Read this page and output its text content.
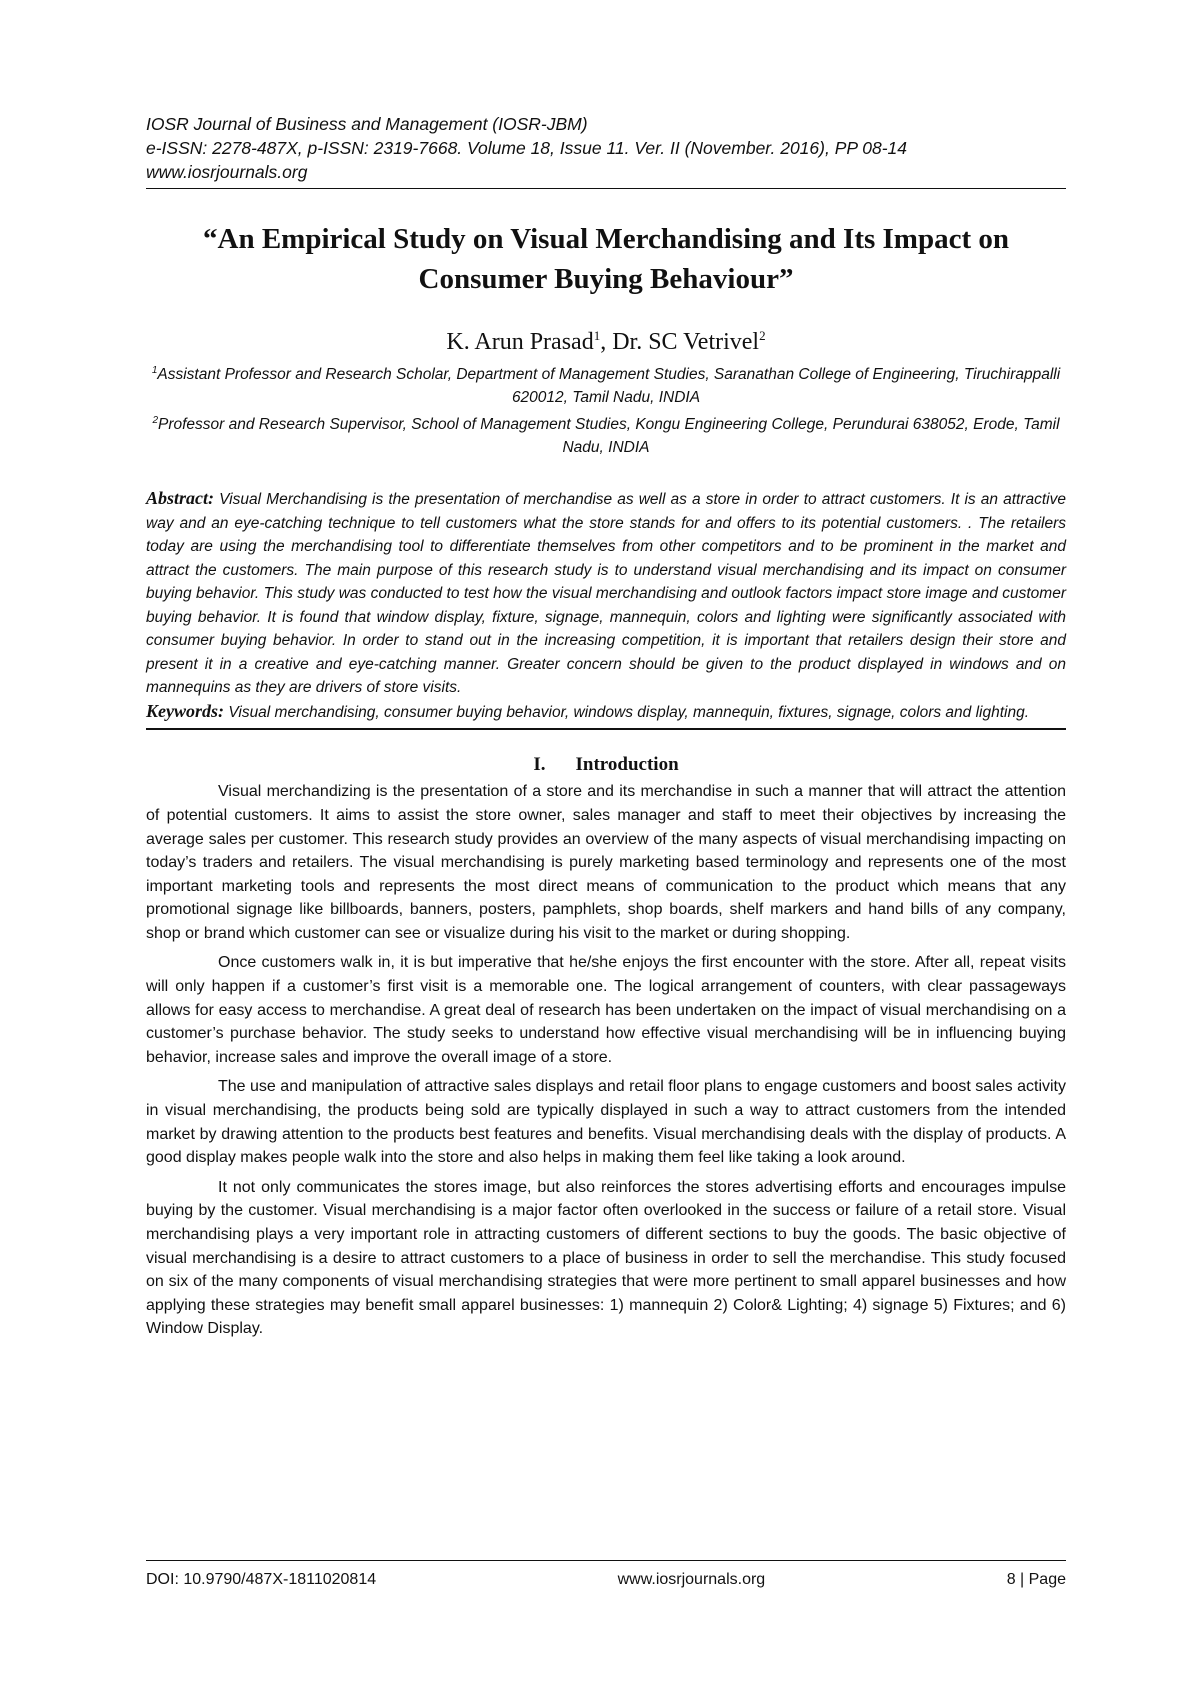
IOSR Journal of Business and Management (IOSR-JBM)

e-ISSN: 2278-487X, p-ISSN: 2319-7668. Volume 18, Issue 11. Ver. II (November. 2016), PP 08-14

www.iosrjournals.org

“An Empirical Study on Visual Merchandising and Its Impact on Consumer Buying Behaviour”
K. Arun Prasad$^1$, Dr. SC Vetrivel$^2$

$^1$Assistant Professor and Research Scholar, Department of Management Studies, Saranathan College of Engineering, Tiruchirappalli 620012, Tamil Nadu, INDIA

$^2$Professor and Research Supervisor, School of Management Studies, Kongu Engineering College, Perundurai 638052, Erode, Tamil Nadu, INDIA

Abstract: Visual Merchandising is the presentation of merchandise as well as a store in order to attract customers. It is an attractive way and an eye-catching technique to tell customers what the store stands for and offers to its potential customers. . The retailers today are using the merchandising tool to differentiate themselves from other competitors and to be prominent in the market and attract the customers. The main purpose of this research study is to understand visual merchandising and its impact on consumer buying behavior. This study was conducted to test how the visual merchandising and outlook factors impact store image and customer buying behavior. It is found that window display, fixture, signage, mannequin, colors and lighting were significantly associated with consumer buying behavior. In order to stand out in the increasing competition, it is important that retailers design their store and present it in a creative and eye-catching manner. Greater concern should be given to the product displayed in windows and on mannequins as they are drivers of store visits.
Keywords: Visual merchandising, consumer buying behavior, windows display, mannequin, fixtures, signage, colors and lighting.
I. Introduction

Visual merchandizing is the presentation of a store and its merchandise in such a manner that will attract the attention of potential customers. It aims to assist the store owner, sales manager and staff to meet their objectives by increasing the average sales per customer. This research study provides an overview of the many aspects of visual merchandising impacting on today’s traders and retailers. The visual merchandising is purely marketing based terminology and represents one of the most important marketing tools and represents the most direct means of communication to the product which means that any promotional signage like billboards, banners, posters, pamphlets, shop boards, shelf markers and hand bills of any company, shop or brand which customer can see or visualize during his visit to the market or during shopping.

Once customers walk in, it is but imperative that he/she enjoys the first encounter with the store. After all, repeat visits will only happen if a customer’s first visit is a memorable one. The logical arrangement of counters, with clear passageways allows for easy access to merchandise. A great deal of research has been undertaken on the impact of visual merchandising on a customer’s purchase behavior. The study seeks to understand how effective visual merchandising will be in influencing buying behavior, increase sales and improve the overall image of a store.

The use and manipulation of attractive sales displays and retail floor plans to engage customers and boost sales activity in visual merchandising, the products being sold are typically displayed in such a way to attract customers from the intended market by drawing attention to the products best features and benefits. Visual merchandising deals with the display of products. A good display makes people walk into the store and also helps in making them feel like taking a look around.

It not only communicates the stores image, but also reinforces the stores advertising efforts and encourages impulse buying by the customer. Visual merchandising is a major factor often overlooked in the success or failure of a retail store. Visual merchandising plays a very important role in attracting customers of different sections to buy the goods. The basic objective of visual merchandising is a desire to attract customers to a place of business in order to sell the merchandise. This study focused on six of the many components of visual merchandising strategies that were more pertinent to small apparel businesses and how applying these strategies may benefit small apparel businesses: 1) mannequin 2) Color& Lighting; 4) signage 5) Fixtures; and 6) Window Display.

DOI: 10.9790/487X-1811020814	www.iosrjournals.org	8 | Page
